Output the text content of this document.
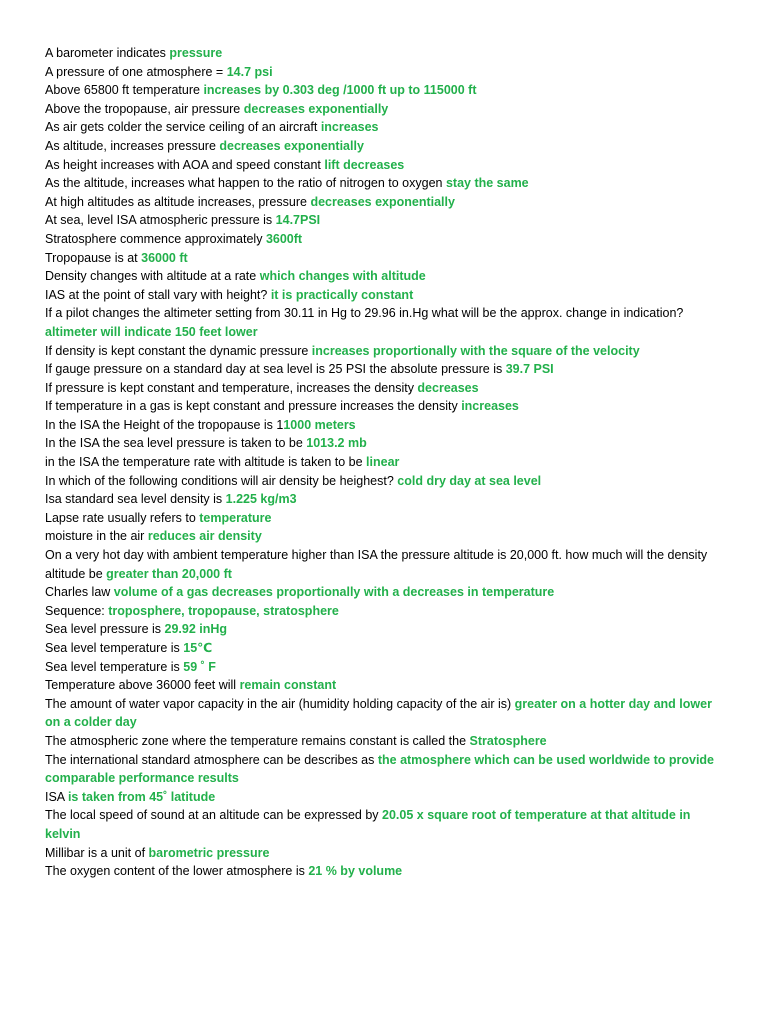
A barometer indicates pressure

A pressure of one atmosphere = 14.7 psi

Above 65800 ft temperature increases by 0.303 deg /1000 ft up to 115000 ft

Above the tropopause, air pressure decreases exponentially

As air gets colder the service ceiling of an aircraft increases

As altitude, increases pressure decreases exponentially

As height increases with AOA and speed constant lift decreases

As the altitude, increases what happen to the ratio of nitrogen to oxygen stay the same

At high altitudes as altitude increases, pressure decreases exponentially

At sea, level ISA atmospheric pressure is 14.7PSI

Stratosphere commence approximately 3600ft

Tropopause is at 36000 ft

Density changes with altitude at a rate which changes with altitude

IAS at the point of stall vary with height? it is practically constant

If a pilot changes the altimeter setting from 30.11 in Hg to 29.96 in.Hg what will be the approx. change in indication? altimeter will indicate 150 feet lower

If density is kept constant the dynamic pressure increases proportionally with the square of the velocity

If gauge pressure on a standard day at sea level is 25 PSI the absolute pressure is 39.7 PSI

If pressure is kept constant and temperature, increases the density decreases

If temperature in a gas is kept constant and pressure increases the density increases

In the ISA the Height of the tropopause is 11000 meters

In the ISA the sea level pressure is taken to be 1013.2 mb

in the ISA the temperature rate with altitude is taken to be linear

In which of the following conditions will air density be heighest? cold dry day at sea level

Isa standard sea level density is 1.225 kg/m3

Lapse rate usually refers to temperature

moisture in the air reduces air density

On a very hot day with ambient temperature higher than ISA the pressure altitude is 20,000 ft. how much will the density altitude be greater than 20,000 ft

Charles law volume of a gas decreases proportionally with a decreases in temperature

Sequence: troposphere, tropopause, stratosphere

Sea level pressure is 29.92 inHg

Sea level temperature is 15℃

Sea level temperature is 59 ˚ F

Temperature above 36000 feet will remain constant

The amount of water vapor capacity in the air (humidity holding capacity of the air is) greater on a hotter day and lower on a colder day

The atmospheric zone where the temperature remains constant is called the Stratosphere

The international standard atmosphere can be describes as the atmosphere which can be used worldwide to provide comparable performance results

ISA is taken from 45˚ latitude

The local speed of sound at an altitude can be expressed by 20.05 x square root of temperature at that altitude in kelvin

Millibar is a unit of barometric pressure

The oxygen content of the lower atmosphere is 21 % by volume
